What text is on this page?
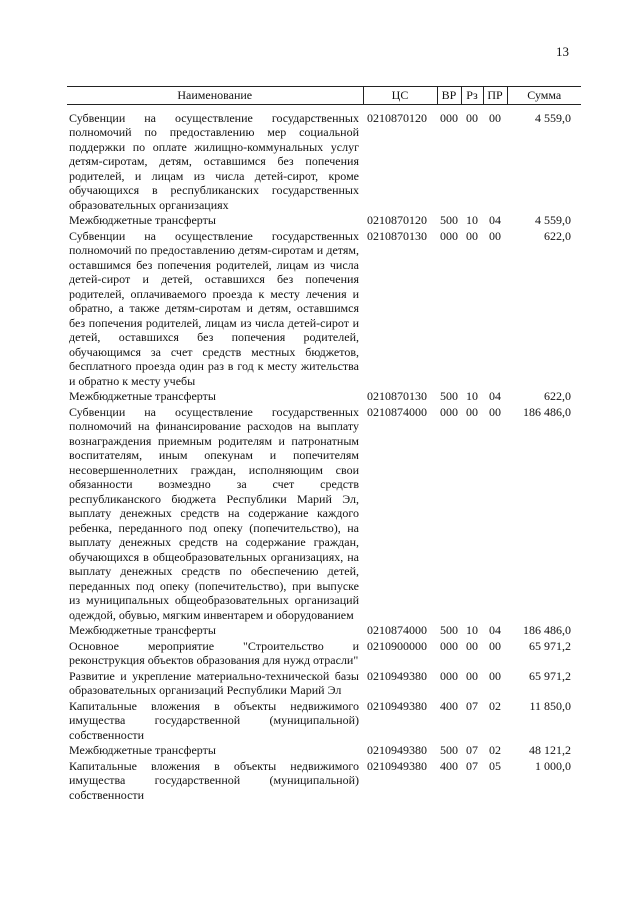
13
Наименование	ЦС	ВР	Рз	ПР	Сумма
Субвенции на осуществление государственных полномочий по предоставлению мер социальной поддержки по оплате жилищно-коммунальных услуг детям-сиротам, детям, оставшимся без попечения родителей, и лицам из числа детей-сирот, кроме обучающихся в республиканских государственных образовательных организациях	0210870120	000	00	00	4 559,0
Межбюджетные трансферты	0210870120	500	10	04	4 559,0
Субвенции на осуществление государственных полномочий по предоставлению детям-сиротам и детям, оставшимся без попечения родителей, лицам из числа детей-сирот и детей, оставшихся без попечения родителей, оплачиваемого проезда к месту лечения и обратно, а также детям-сиротам и детям, оставшимся без попечения родителей, лицам из числа детей-сирот и детей, оставшихся без попечения родителей, обучающимся за счет средств местных бюджетов, бесплатного проезда один раз в год к месту жительства и обратно к месту учебы	0210870130	000	00	00	622,0
Межбюджетные трансферты	0210870130	500	10	04	622,0
Субвенции на осуществление государственных полномочий на финансирование расходов на выплату вознаграждения приемным родителям и патронатным воспитателям, иным опекунам и попечителям несовершеннолетних граждан, исполняющим свои обязанности возмездно за счет средств республиканского бюджета Республики Марий Эл, выплату денежных средств на содержание каждого ребенка, переданного под опеку (попечительство), на выплату денежных средств на содержание граждан, обучающихся в общеобразовательных организациях, на выплату денежных средств по обеспечению детей, переданных под опеку (попечительство), при выпуске из муниципальных общеобразовательных организаций одеждой, обувью, мягким инвентарем и оборудованием	0210874000	000	00	00	186 486,0
Межбюджетные трансферты	0210874000	500	10	04	186 486,0
Основное мероприятие "Строительство и реконструкция объектов образования для нужд отрасли"	0210900000	000	00	00	65 971,2
Развитие и укрепление материально-технической базы образовательных организаций Республики Марий Эл	0210949380	000	00	00	65 971,2
Капитальные вложения в объекты недвижимого имущества государственной (муниципальной) собственности	0210949380	400	07	02	11 850,0
Межбюджетные трансферты	0210949380	500	07	02	48 121,2
Капитальные вложения в объекты недвижимого имущества государственной (муниципальной) собственности	0210949380	400	07	05	1 000,0
